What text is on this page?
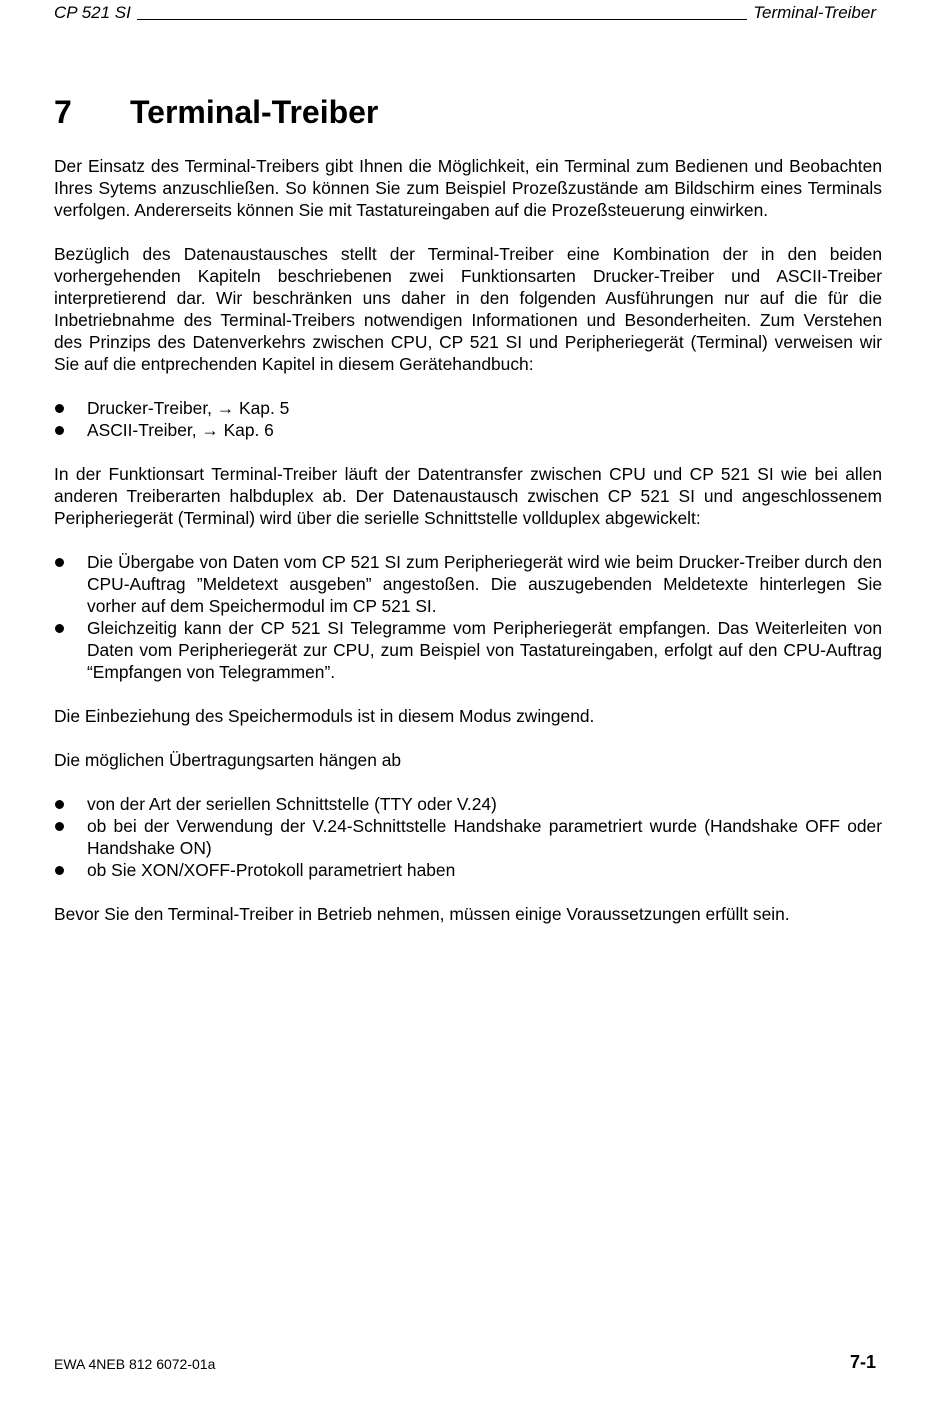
CP 521 SI	Terminal-Treiber
7	Terminal-Treiber

Der Einsatz des Terminal-Treibers gibt Ihnen die Möglichkeit, ein Terminal zum Bedienen und Beobachten Ihres Sytems anzuschließen. So können Sie zum Beispiel Prozeßzustände am Bildschirm eines Terminals verfolgen. Andererseits können Sie mit Tastatureingaben auf die Prozeßsteuerung einwirken.

Bezüglich des Datenaustausches stellt der Terminal-Treiber eine Kombination der in den beiden vorhergehenden Kapiteln beschriebenen zwei Funktionsarten Drucker-Treiber und ASCII-Treiber interpretierend dar. Wir beschränken uns daher in den folgenden Ausführungen nur auf die für die Inbetriebnahme des Terminal-Treibers notwendigen Informationen und Besonderheiten. Zum Verstehen des Prinzips des Datenverkehrs zwischen CPU, CP 521 SI und Peripheriegerät (Terminal) verweisen wir Sie auf die entprechenden Kapitel in diesem Gerätehandbuch:

Drucker-Treiber, → Kap. 5
ASCII-Treiber, → Kap. 6

In der Funktionsart Terminal-Treiber läuft der Datentransfer zwischen CPU und CP 521 SI wie bei allen anderen Treiberarten halbduplex ab. Der Datenaustausch zwischen CP 521 SI und angeschlossenem Peripheriegerät (Terminal) wird über die serielle Schnittstelle vollduplex abgewickelt:

Die Übergabe von Daten vom CP 521 SI zum Peripheriegerät wird wie beim Drucker-Treiber durch den CPU-Auftrag ”Meldetext ausgeben” angestoßen. Die auszugebenden Meldetexte hinterlegen Sie vorher auf dem Speichermodul im CP 521 SI.
Gleichzeitig kann der CP 521 SI Telegramme vom Peripheriegerät empfangen. Das Weiterleiten von Daten vom Peripheriegerät zur CPU, zum Beispiel von Tastatureingaben, erfolgt auf den CPU-Auftrag “Empfangen von Telegrammen”.

Die Einbeziehung des Speichermoduls ist in diesem Modus zwingend.

Die möglichen Übertragungsarten hängen ab

von der Art der seriellen Schnittstelle (TTY oder V.24)
ob bei der Verwendung der V.24-Schnittstelle Handshake parametriert wurde (Handshake OFF oder Handshake ON)
ob Sie XON/XOFF-Protokoll parametriert haben

Bevor Sie den Terminal-Treiber in Betrieb nehmen, müssen einige Voraussetzungen erfüllt sein.

EWA 4NEB 812 6072-01a	7-1
